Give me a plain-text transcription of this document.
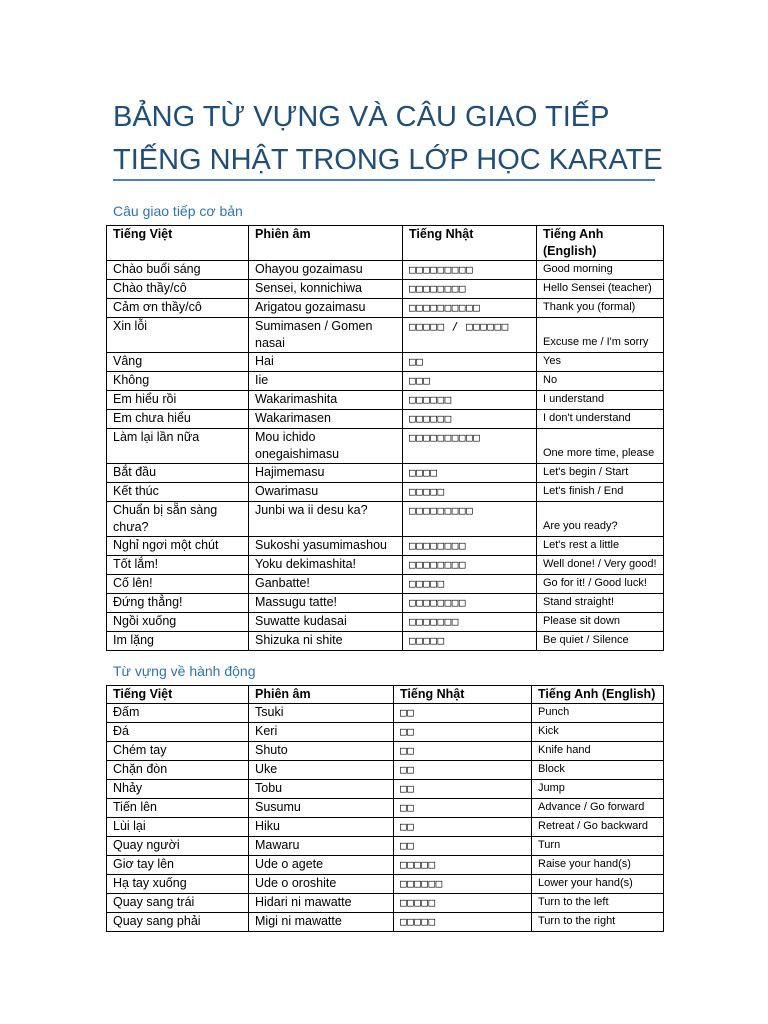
BẢNG TỪ VỰNG VÀ CÂU GIAO TIẾP
TIẾNG NHẬT TRONG LỚP HỌC KARATE
Câu giao tiếp cơ bản
Tiếng Việt	Phiên âm	Tiếng Nhật	Tiếng Anh (English)
Chào buổi sáng	Ohayou gozaimasu	□□□□□□□□□	Good morning
Chào thầy/cô	Sensei, konnichiwa	□□□□□□□□	Hello Sensei (teacher)
Cảm ơn thầy/cô	Arigatou gozaimasu	□□□□□□□□□□	Thank you (formal)
Xin lỗi	Sumimasen / Gomen nasai	□□□□□ / □□□□□□	Excuse me / I'm sorry
Vâng	Hai	□□	Yes
Không	Iie	□□□	No
Em hiểu rồi	Wakarimashita	□□□□□□	I understand
Em chưa hiểu	Wakarimasen	□□□□□□	I don't understand
Làm lại lần nữa	Mou ichido onegaishimasu	□□□□□□□□□□	One more time, please
Bắt đầu	Hajimemasu	□□□□	Let's begin / Start
Kết thúc	Owarimasu	□□□□□	Let's finish / End
Chuẩn bị sẵn sàng chưa?	Junbi wa ii desu ka?	□□□□□□□□□	Are you ready?
Nghỉ ngơi một chút	Sukoshi yasumimashou	□□□□□□□□	Let's rest a little
Tốt lắm!	Yoku dekimashita!	□□□□□□□□	Well done! / Very good!
Cố lên!	Ganbatte!	□□□□□	Go for it! / Good luck!
Đứng thẳng!	Massugu tatte!	□□□□□□□□	Stand straight!
Ngồi xuống	Suwatte kudasai	□□□□□□□	Please sit down
Im lặng	Shizuka ni shite	□□□□□	Be quiet / Silence
Từ vựng về hành động
Tiếng Việt	Phiên âm	Tiếng Nhật	Tiếng Anh (English)
Đấm	Tsuki	□□	Punch
Đá	Keri	□□	Kick
Chém tay	Shuto	□□	Knife hand
Chặn đòn	Uke	□□	Block
Nhảy	Tobu	□□	Jump
Tiến lên	Susumu	□□	Advance / Go forward
Lùi lại	Hiku	□□	Retreat / Go backward
Quay người	Mawaru	□□	Turn
Giơ tay lên	Ude o agete	□□□□□	Raise your hand(s)
Hạ tay xuống	Ude o oroshite	□□□□□□	Lower your hand(s)
Quay sang trái	Hidari ni mawatte	□□□□□	Turn to the left
Quay sang phải	Migi ni mawatte	□□□□□	Turn to the right
